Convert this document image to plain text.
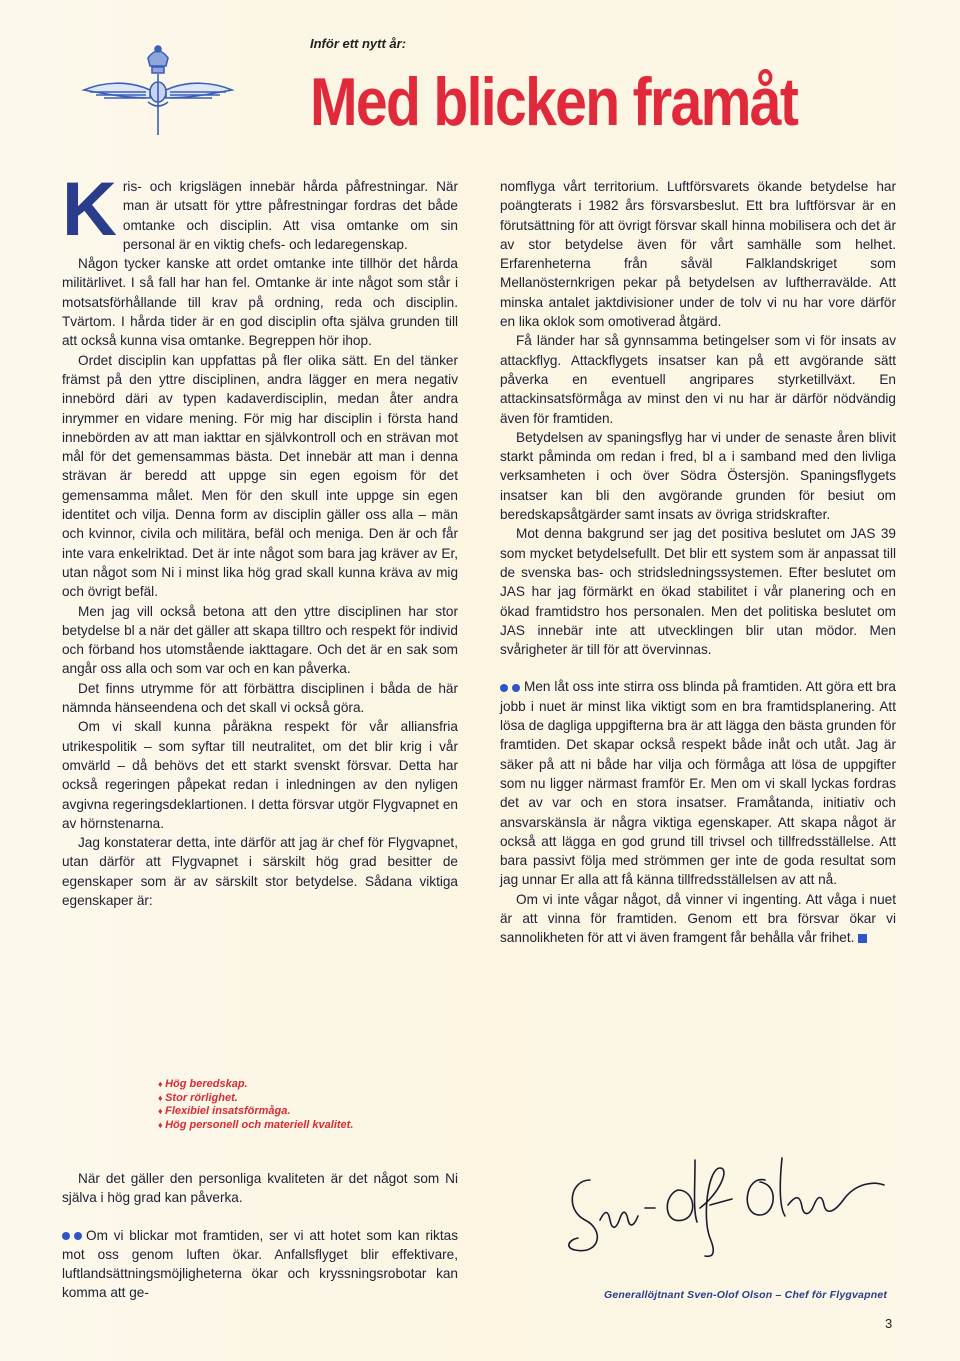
Inför ett nytt år:
Med blicken framåt

Kris- och krigslägen innebär hårda påfrestningar. När man är utsatt för yttre påfrestningar fordras det både omtanke och disciplin. Att visa omtanke om sin personal är en viktig chefs- och ledaregenskap.

Någon tycker kanske att ordet omtanke inte tillhör det hårda militärlivet. I så fall har han fel. Omtanke är inte något som står i motsatsförhållande till krav på ordning, reda och disciplin. Tvärtom. I hårda tider är en god disciplin ofta själva grunden till att också kunna visa omtanke. Begreppen hör ihop.

Ordet disciplin kan uppfattas på fler olika sätt. En del tänker främst på den yttre disciplinen, andra lägger en mera negativ innebörd däri av typen kadaverdisciplin, medan åter andra inrymmer en vidare mening. För mig har disciplin i första hand innebörden av att man iakttar en självkontroll och en strävan mot mål för det gemensammas bästa. Det innebär att man i denna strävan är beredd att uppge sin egen egoism för det gemensamma målet. Men för den skull inte uppge sin egen identitet och vilja. Denna form av disciplin gäller oss alla – män och kvinnor, civila och militära, befäl och meniga. Den är och får inte vara enkelriktad. Det är inte något som bara jag kräver av Er, utan något som Ni i minst lika hög grad skall kunna kräva av mig och övrigt befäl.

Men jag vill också betona att den yttre disciplinen har stor betydelse bl a när det gäller att skapa tilltro och respekt för individ och förband hos utomstående iakttagare. Och det är en sak som angår oss alla och som var och en kan påverka.

Det finns utrymme för att förbättra disciplinen i båda de här nämnda hänseendena och det skall vi också göra.

Om vi skall kunna påräkna respekt för vår alliansfria utrikespolitik – som syftar till neutralitet, om det blir krig i vår omvärld – då behövs det ett starkt svenskt försvar. Detta har också regeringen påpekat redan i inledningen av den nyligen avgivna regeringsdeklartionen. I detta försvar utgör Flygvapnet en av hörnstenarna.

Jag konstaterar detta, inte därför att jag är chef för Flygvapnet, utan därför att Flygvapnet i särskilt hög grad besitter de egenskaper som är av särskilt stor betydelse. Sådana viktiga egenskaper är:

♦ Hög beredskap.
♦ Stor rörlighet.
♦ Flexibiel insatsförmåga.
♦ Hög personell och materiell kvalitet.

När det gäller den personliga kvaliteten är det något som Ni själva i hög grad kan påverka.

Om vi blickar mot framtiden, ser vi att hotet som kan riktas mot oss genom luften ökar. Anfallsflyget blir effektivare, luftlandsättningsmöjligheterna ökar och kryssningsrobotar kan komma att ge-

nomflyga vårt territorium. Luftförsvarets ökande betydelse har poängterats i 1982 års försvarsbeslut. Ett bra luftförsvar är en förutsättning för att övrigt försvar skall hinna mobilisera och det är av stor betydelse även för vårt samhälle som helhet. Erfarenheterna från såväl Falklandskriget som Mellanösternkrigen pekar på betydelsen av luftherravälde. Att minska antalet jaktdivisioner under de tolv vi nu har vore därför en lika oklok som omotiverad åtgärd.

Få länder har så gynnsamma betingelser som vi för insats av attackflyg. Attackflygets insatser kan på ett avgörande sätt påverka en eventuell angripares styrketillväxt. En attackinsatsförmåga av minst den vi nu har är därför nödvändig även för framtiden.

Betydelsen av spaningsflyg har vi under de senaste åren blivit starkt påminda om redan i fred, bl a i samband med den livliga verksamheten i och över Södra Östersjön. Spaningsflygets insatser kan bli den avgörande grunden för besiut om beredskapsåtgärder samt insats av övriga stridskrafter.

Mot denna bakgrund ser jag det positiva beslutet om JAS 39 som mycket betydelsefullt. Det blir ett system som är anpassat till de svenska bas- och stridsledningssystemen. Efter beslutet om JAS har jag förmärkt en ökad stabilitet i vår planering och en ökad framtidstro hos personalen. Men det politiska beslutet om JAS innebär inte att utvecklingen blir utan mödor. Men svårigheter är till för att övervinnas.

Men låt oss inte stirra oss blinda på framtiden. Att göra ett bra jobb i nuet är minst lika viktigt som en bra framtidsplanering. Att lösa de dagliga uppgifterna bra är att lägga den bästa grunden för framtiden. Det skapar också respekt både inåt och utåt. Jag är säker på att ni både har vilja och förmåga att lösa de uppgifter som nu ligger närmast framför Er. Men om vi skall lyckas fordras det av var och en stora insatser. Framåtanda, initiativ och ansvarskänsla är några viktiga egenskaper. Att skapa något är också att lägga en god grund till trivsel och tillfredsställelse. Att bara passivt följa med strömmen ger inte de goda resultat som jag unnar Er alla att få känna tillfredsställelsen av att nå.

Om vi inte vågar något, då vinner vi ingenting. Att våga i nuet är att vinna för framtiden. Genom ett bra försvar ökar vi sannolikheten för att vi även framgent får behålla vår frihet.

Generallöjtnant Sven-Olof Olson – Chef för Flygvapnet
3
